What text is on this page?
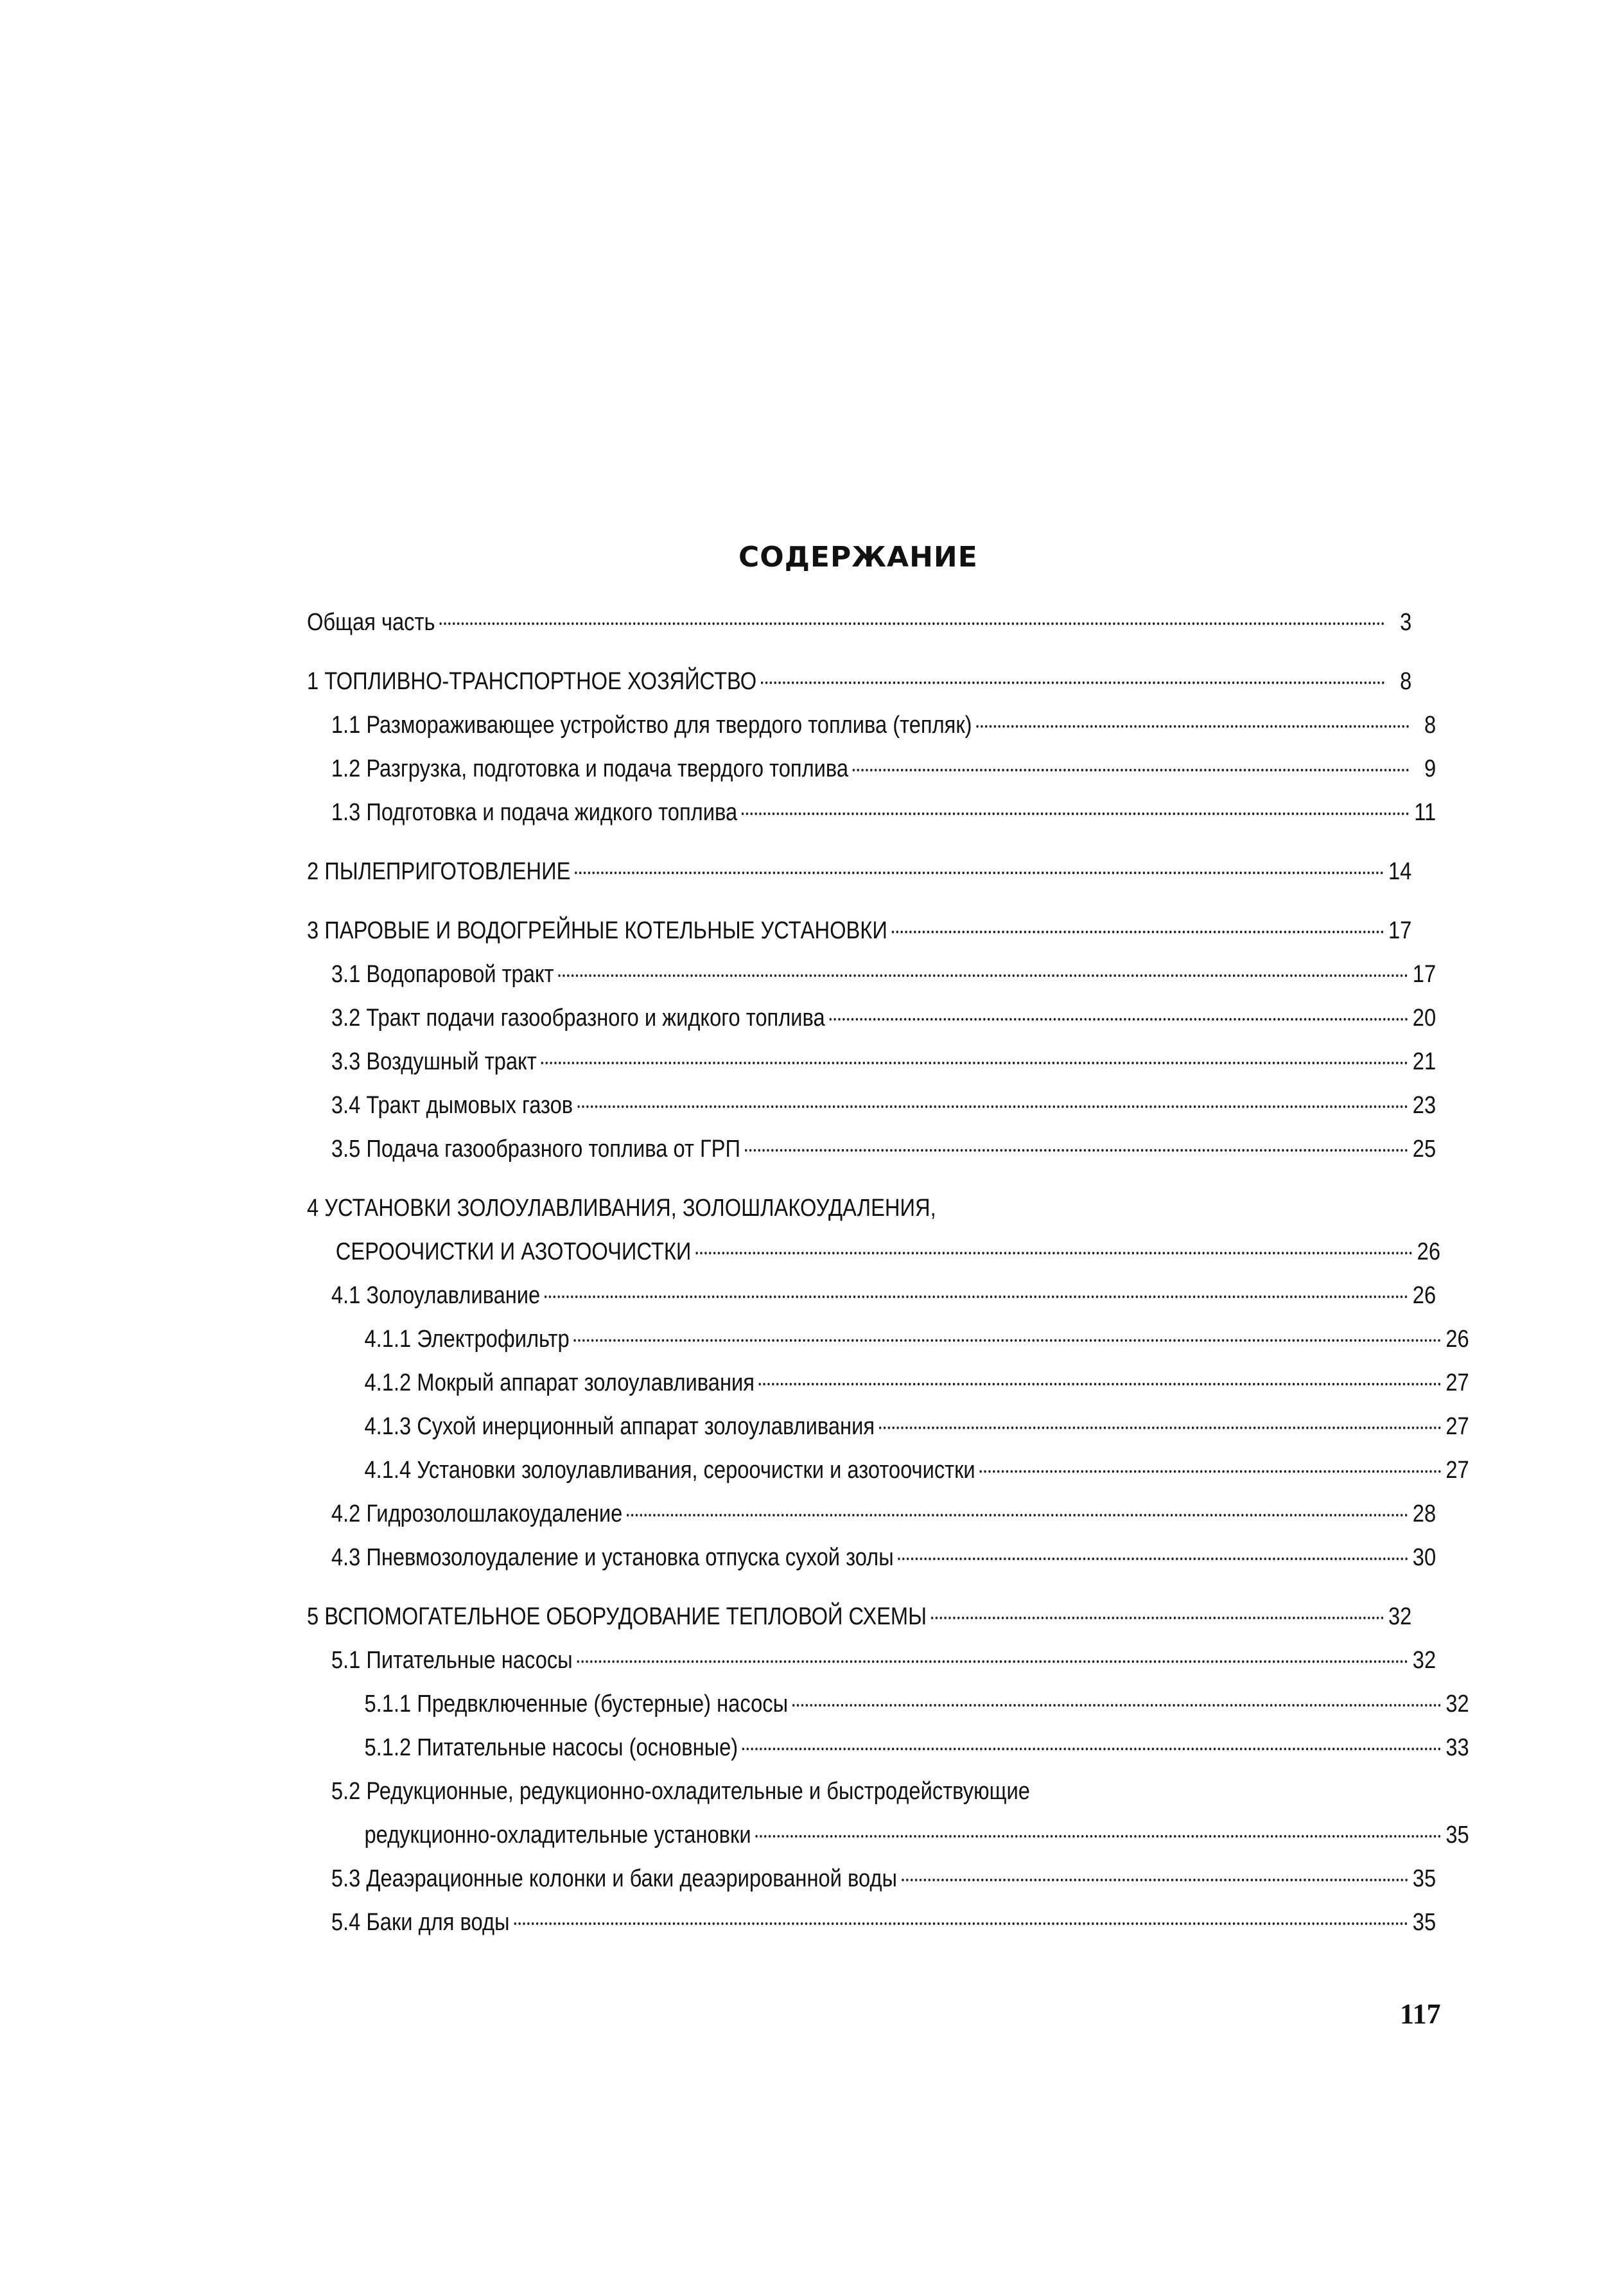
СОДЕРЖАНИЕ
Общая часть	3
1 ТОПЛИВНО-ТРАНСПОРТНОЕ ХОЗЯЙСТВО	8
1.1 Размораживающее устройство для твердого топлива (тепляк)	8
1.2 Разгрузка, подготовка и подача твердого топлива	9
1.3 Подготовка и подача жидкого топлива	11
2 ПЫЛЕПРИГОТОВЛЕНИЕ	14
3 ПАРОВЫЕ И ВОДОГРЕЙНЫЕ КОТЕЛЬНЫЕ УСТАНОВКИ	17
3.1 Водопаровой тракт	17
3.2 Тракт подачи газообразного и жидкого топлива	20
3.3 Воздушный тракт	21
3.4 Тракт дымовых газов	23
3.5 Подача газообразного топлива от ГРП	25
4 УСТАНОВКИ ЗОЛОУЛАВЛИВАНИЯ, ЗОЛОШЛАКОУДАЛЕНИЯ,
СЕРООЧИСТКИ И АЗОТООЧИСТКИ	26
4.1 Золоулавливание	26
4.1.1 Электрофильтр	26
4.1.2 Мокрый аппарат золоулавливания	27
4.1.3 Сухой инерционный аппарат золоулавливания	27
4.1.4 Установки золоулавливания, сероочистки и азотоочистки	27
4.2 Гидрозолошлакоудаление	28
4.3 Пневмозолоудаление и установка отпуска сухой золы	30
5 ВСПОМОГАТЕЛЬНОЕ ОБОРУДОВАНИЕ ТЕПЛОВОЙ СХЕМЫ	32
5.1 Питательные насосы	32
5.1.1 Предвключенные (бустерные) насосы	32
5.1.2 Питательные насосы (основные)	33
5.2 Редукционные, редукционно-охладительные и быстродействующие
редукционно-охладительные установки	35
5.3 Деаэрационные колонки и баки деаэрированной воды	35
5.4 Баки для воды	35
117
